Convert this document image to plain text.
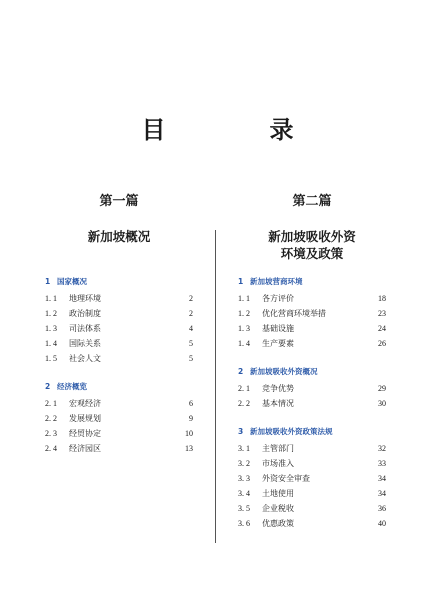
目　录
第一篇
新加坡概况
1 国家概况
1. 1 地理环境	2
1. 2 政治制度	2
1. 3 司法体系	4
1. 4 国际关系	5
1. 5 社会人文	5
2 经济概览
2. 1 宏观经济	6
2. 2 发展规划	9
2. 3 经贸协定	10
2. 4 经济园区	13
第二篇
新加坡吸收外资
环境及政策
1 新加坡营商环境
1. 1 各方评价	18
1. 2 优化营商环境举措	23
1. 3 基础设施	24
1. 4 生产要素	26
2 新加坡吸收外资概况
2. 1 竞争优势	29
2. 2 基本情况	30
3 新加坡吸收外资政策法规
3. 1 主管部门	32
3. 2 市场准入	33
3. 3 外资安全审查	34
3. 4 土地使用	34
3. 5 企业税收	36
3. 6 优惠政策	40
